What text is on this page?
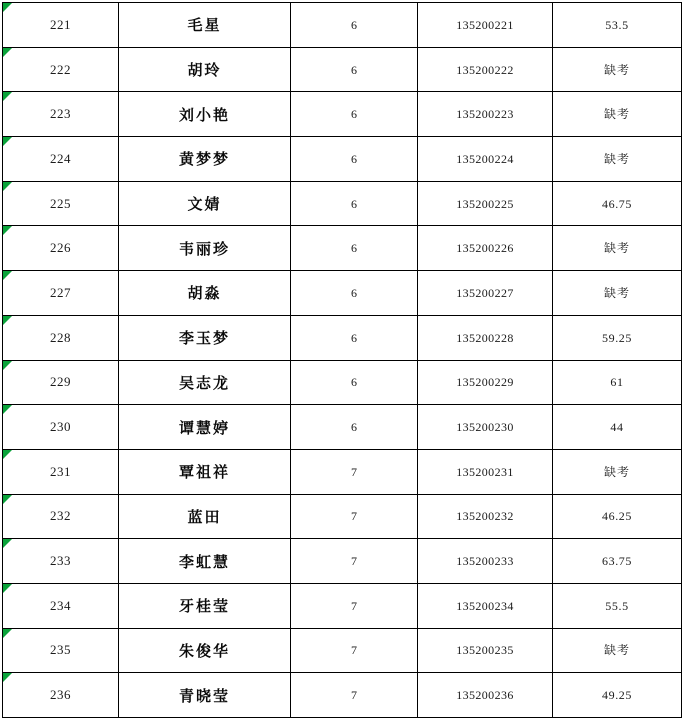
221	毛星	6	135200221	53.5

222	胡玲	6	135200222	缺考

223	刘小艳	6	135200223	缺考

224	黄梦梦	6	135200224	缺考

225	文婧	6	135200225	46.75

226	韦丽珍	6	135200226	缺考

227	胡淼	6	135200227	缺考

228	李玉梦	6	135200228	59.25

229	吴志龙	6	135200229	61

230	谭慧婷	6	135200230	44

231	覃祖祥	7	135200231	缺考

232	蓝田	7	135200232	46.25

233	李虹慧	7	135200233	63.75

234	牙桂莹	7	135200234	55.5

235	朱俊华	7	135200235	缺考

236	青晓莹	7	135200236	49.25
